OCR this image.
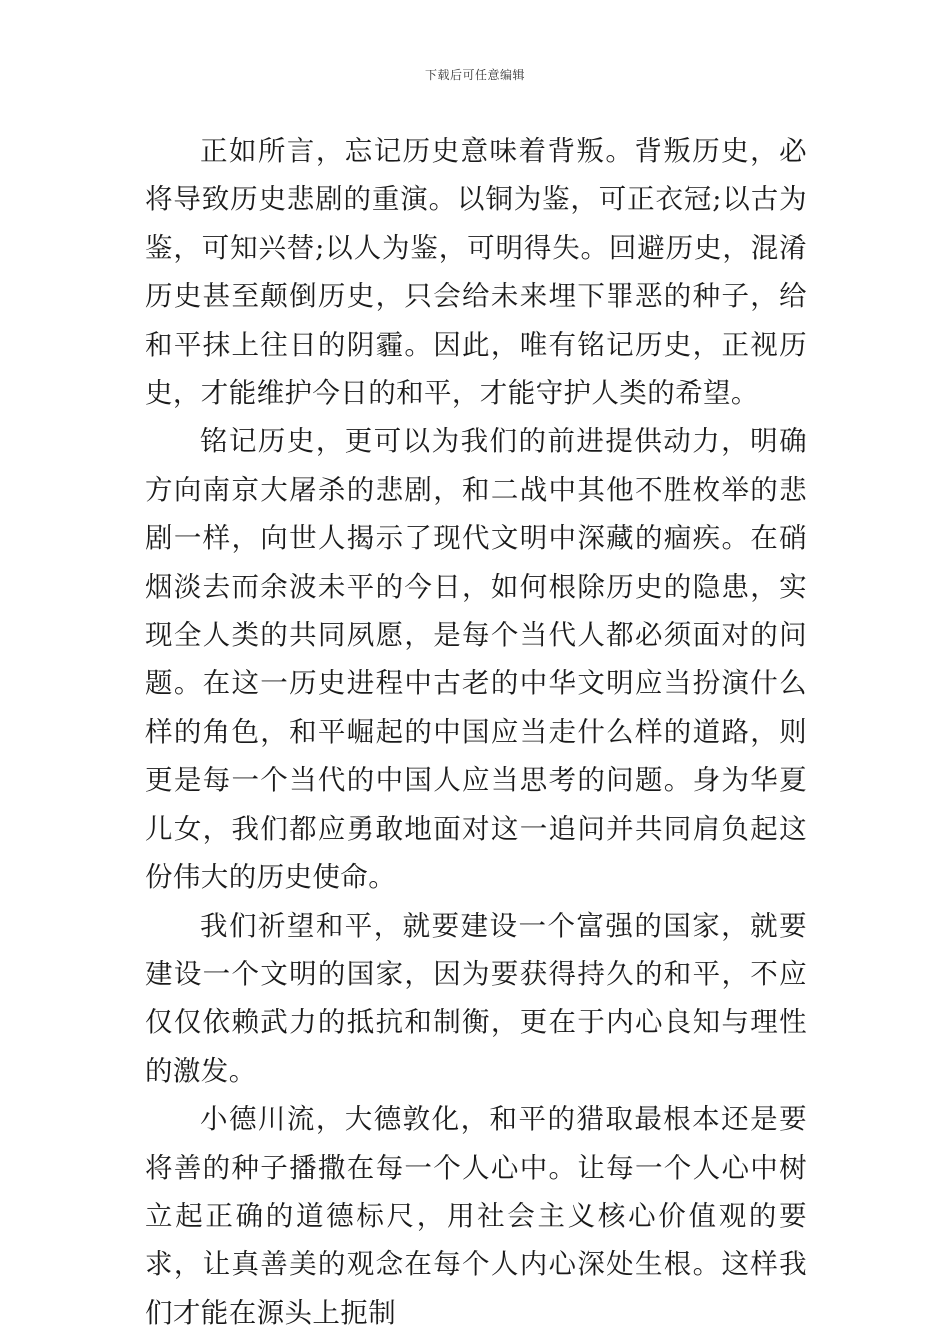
下载后可任意编辑

正如所言，忘记历史意味着背叛。背叛历史，必将导致历史悲剧的重演。以铜为鉴，可正衣冠;以古为鉴，可知兴替;以人为鉴，可明得失。回避历史，混淆历史甚至颠倒历史，只会给未来埋下罪恶的种子，给和平抹上往日的阴霾。因此，唯有铭记历史，正视历史，才能维护今日的和平，才能守护人类的希望。

铭记历史，更可以为我们的前进提供动力，明确方向南京大屠杀的悲剧，和二战中其他不胜枚举的悲剧一样，向世人揭示了现代文明中深藏的痼疾。在硝烟淡去而余波未平的今日，如何根除历史的隐患，实现全人类的共同夙愿，是每个当代人都必须面对的问题。在这一历史进程中古老的中华文明应当扮演什么样的角色，和平崛起的中国应当走什么样的道路，则更是每一个当代的中国人应当思考的问题。身为华夏儿女，我们都应勇敢地面对这一追问并共同肩负起这份伟大的历史使命。

我们祈望和平，就要建设一个富强的国家，就要建设一个文明的国家，因为要获得持久的和平，不应仅仅依赖武力的抵抗和制衡，更在于内心良知与理性的激发。

小德川流，大德敦化，和平的猎取最根本还是要将善的种子播撒在每一个人心中。让每一个人心中树立起正确的道德标尺，用社会主义核心价值观的要求，让真善美的观念在每个人内心深处生根。这样我们才能在源头上扼制
